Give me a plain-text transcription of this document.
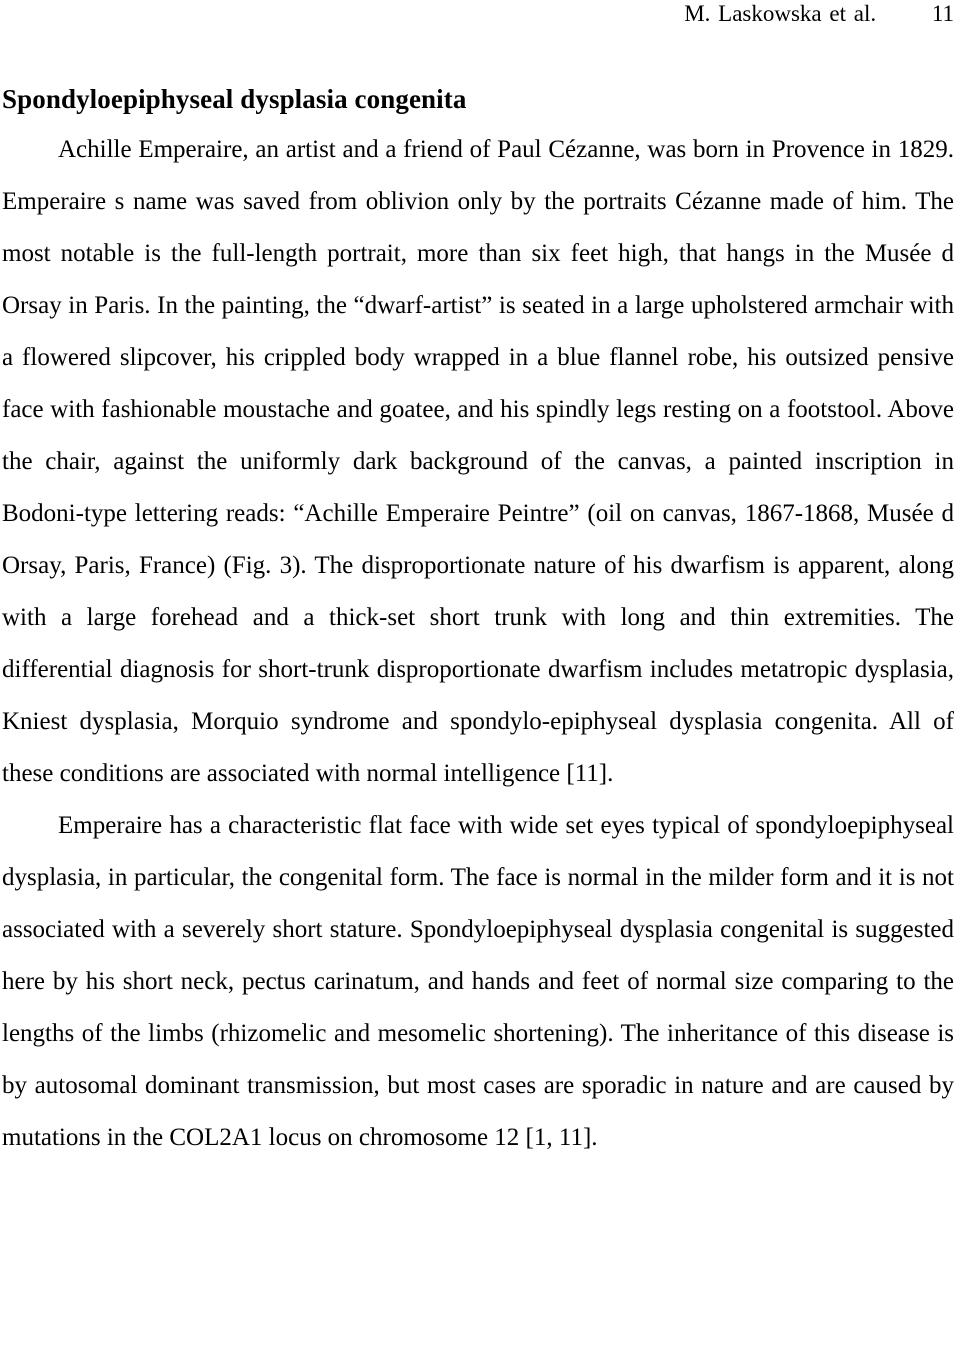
M. Laskowska et al. 11
Spondyloepiphyseal dysplasia congenita

Achille Emperaire, an artist and a friend of Paul Cézanne, was born in Provence in 1829. Emperaire s name was saved from oblivion only by the portraits Cézanne made of him. The most notable is the full-length portrait, more than six feet high, that hangs in the Musée d Orsay in Paris. In the painting, the “dwarf-artist” is seated in a large upholstered armchair with a flowered slipcover, his crippled body wrapped in a blue flannel robe, his outsized pensive face with fashionable moustache and goatee, and his spindly legs resting on a footstool. Above the chair, against the uniformly dark background of the canvas, a painted inscription in Bodoni-type lettering reads: “Achille Emperaire Peintre” (oil on canvas, 1867-1868, Musée d Orsay, Paris, France) (Fig. 3). The disproportionate nature of his dwarfism is apparent, along with a large forehead and a thick-set short trunk with long and thin extremities. The differential diagnosis for short-trunk disproportionate dwarfism includes metatropic dysplasia, Kniest dysplasia, Morquio syndrome and spondylo-epiphyseal dysplasia congenita. All of these conditions are associated with normal intelligence [11].

Emperaire has a characteristic flat face with wide set eyes typical of spondyloepiphyseal dysplasia, in particular, the congenital form. The face is normal in the milder form and it is not associated with a severely short stature. Spondyloepiphyseal dysplasia congenital is suggested here by his short neck, pectus carinatum, and hands and feet of normal size comparing to the lengths of the limbs (rhizomelic and mesomelic shortening). The inheritance of this disease is by autosomal dominant transmission, but most cases are sporadic in nature and are caused by mutations in the COL2A1 locus on chromosome 12 [1, 11].
